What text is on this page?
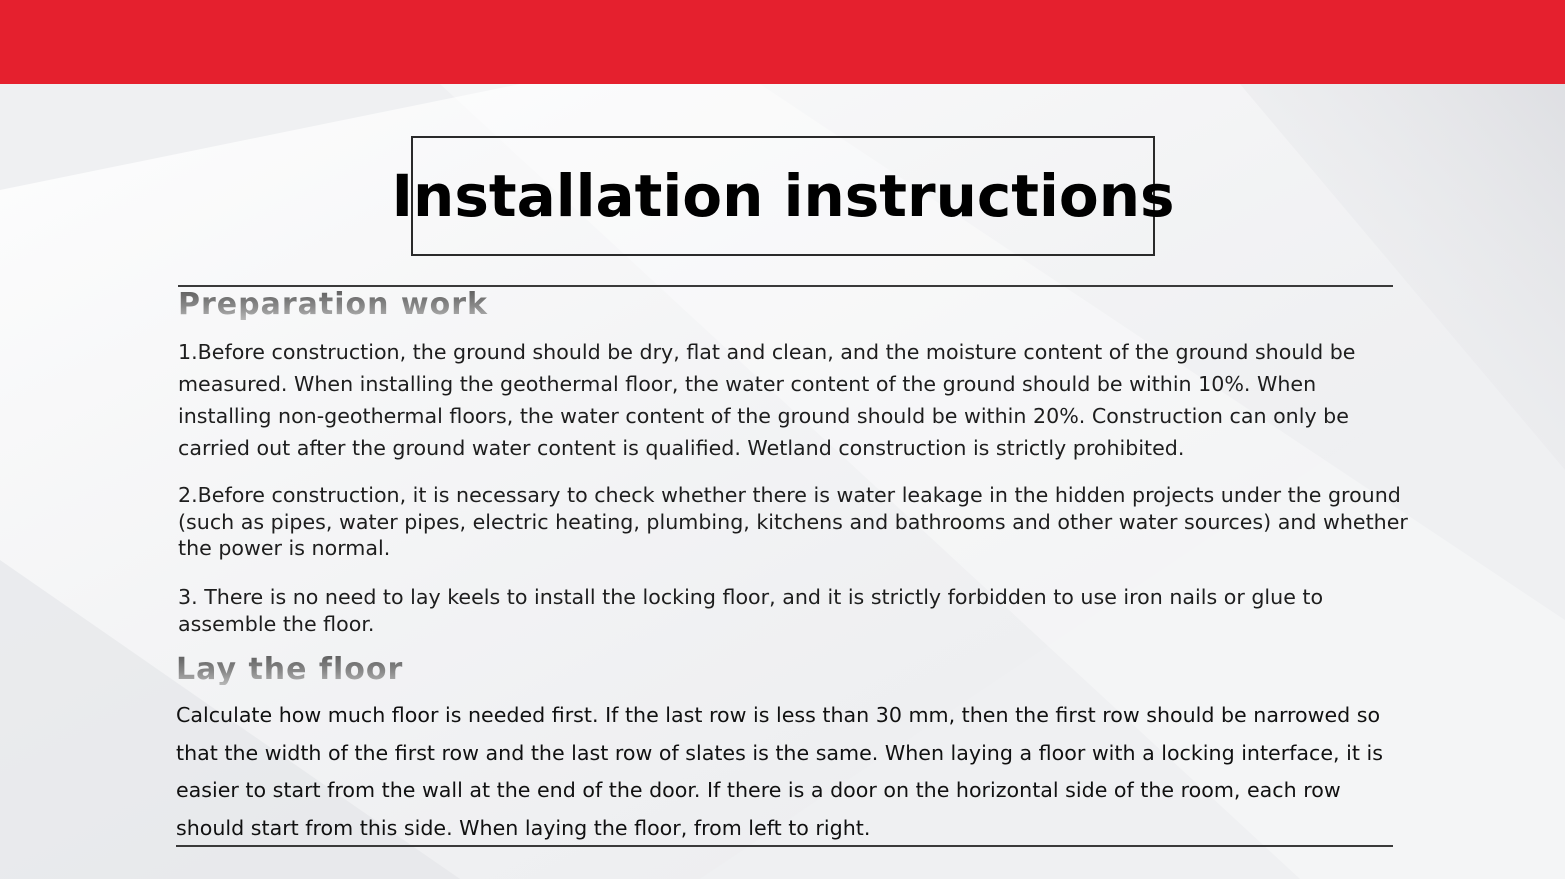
Installation instructions
Preparation work

1.Before construction, the ground should be dry, flat and clean, and the moisture content of the ground should be measured. When installing the geothermal floor, the water content of the ground should be within 10%. When installing non-geothermal floors, the water content of the ground should be within 20%. Construction can only be carried out after the ground water content is qualified. Wetland construction is strictly prohibited.

2.Before construction, it is necessary to check whether there is water leakage in the hidden projects under the ground (such as pipes, water pipes, electric heating, plumbing, kitchens and bathrooms and other water sources) and whether the power is normal.

3. There is no need to lay keels to install the locking floor, and it is strictly forbidden to use iron nails or glue to assemble the floor.

Lay the floor

Calculate how much floor is needed first. If the last row is less than 30 mm, then the first row should be narrowed so that the width of the first row and the last row of slates is the same. When laying a floor with a locking interface, it is easier to start from the wall at the end of the door. If there is a door on the horizontal side of the room, each row should start from this side. When laying the floor, from left to right.
